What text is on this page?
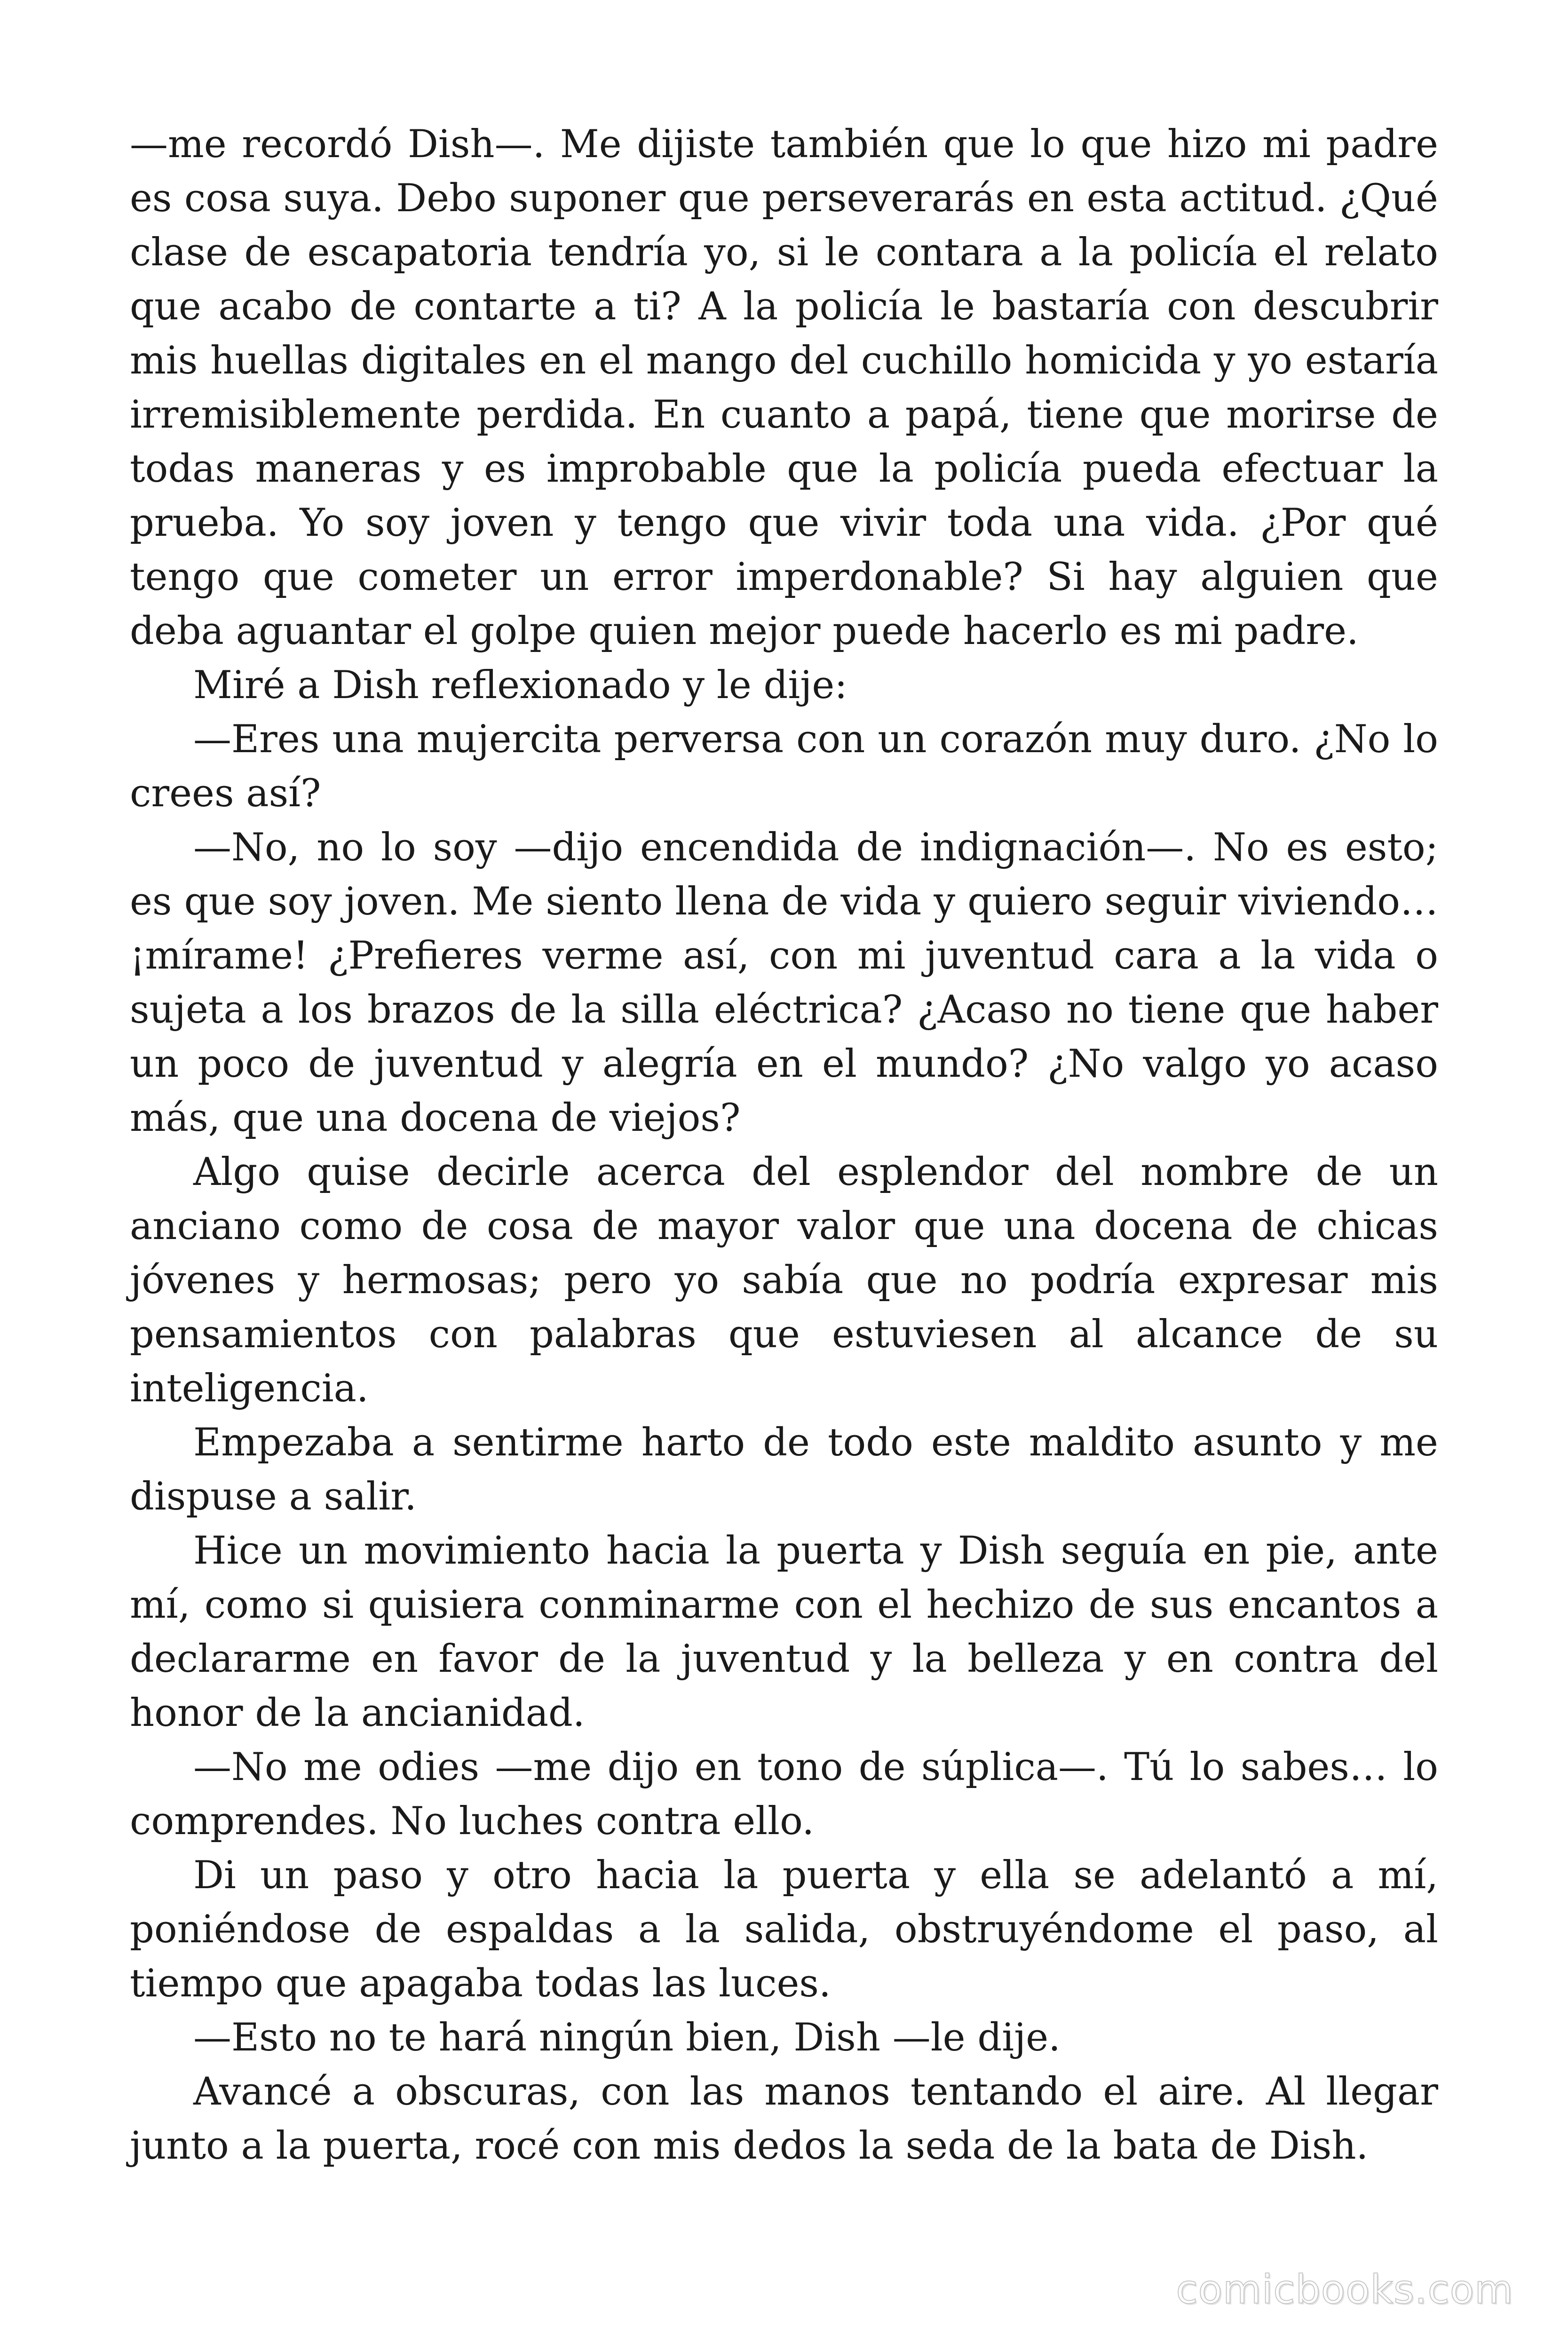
—me recordó Dish—. Me dijiste también que lo que hizo mi padre es cosa suya. Debo suponer que perseverarás en esta actitud. ¿Qué clase de escapatoria tendría yo, si le contara a la policía el relato que acabo de contarte a ti? A la policía le bastaría con descubrir mis huellas digitales en el mango del cuchillo homicida y yo estaría irremisiblemente perdida. En cuanto a papá, tiene que morirse de todas maneras y es improbable que la policía pueda efectuar la prueba. Yo soy joven y tengo que vivir toda una vida. ¿Por qué tengo que cometer un error imperdonable? Si hay alguien que deba aguantar el golpe quien mejor puede hacerlo es mi padre.

Miré a Dish reflexionado y le dije:

—Eres una mujercita perversa con un corazón muy duro. ¿No lo crees así?

—No, no lo soy —dijo encendida de indignación—. No es esto; es que soy joven. Me siento llena de vida y quiero seguir viviendo… ¡mírame! ¿Prefieres verme así, con mi juventud cara a la vida o sujeta a los brazos de la silla eléctrica? ¿Acaso no tiene que haber un poco de juventud y alegría en el mundo? ¿No valgo yo acaso más, que una docena de viejos?

Algo quise decirle acerca del esplendor del nombre de un anciano como de cosa de mayor valor que una docena de chicas jóvenes y hermosas; pero yo sabía que no podría expresar mis pensamientos con palabras que estuviesen al alcance de su inteligencia.

Empezaba a sentirme harto de todo este maldito asunto y me dispuse a salir.

Hice un movimiento hacia la puerta y Dish seguía en pie, ante mí, como si quisiera conminarme con el hechizo de sus encantos a declararme en favor de la juventud y la belleza y en contra del honor de la ancianidad.

—No me odies —me dijo en tono de súplica—. Tú lo sabes… lo comprendes. No luches contra ello.

Di un paso y otro hacia la puerta y ella se adelantó a mí, poniéndose de espaldas a la salida, obstruyéndome el paso, al tiempo que apagaba todas las luces.

—Esto no te hará ningún bien, Dish —le dije.

Avancé a obscuras, con las manos tentando el aire. Al llegar junto a la puerta, rocé con mis dedos la seda de la bata de Dish.

comicbooks.com
